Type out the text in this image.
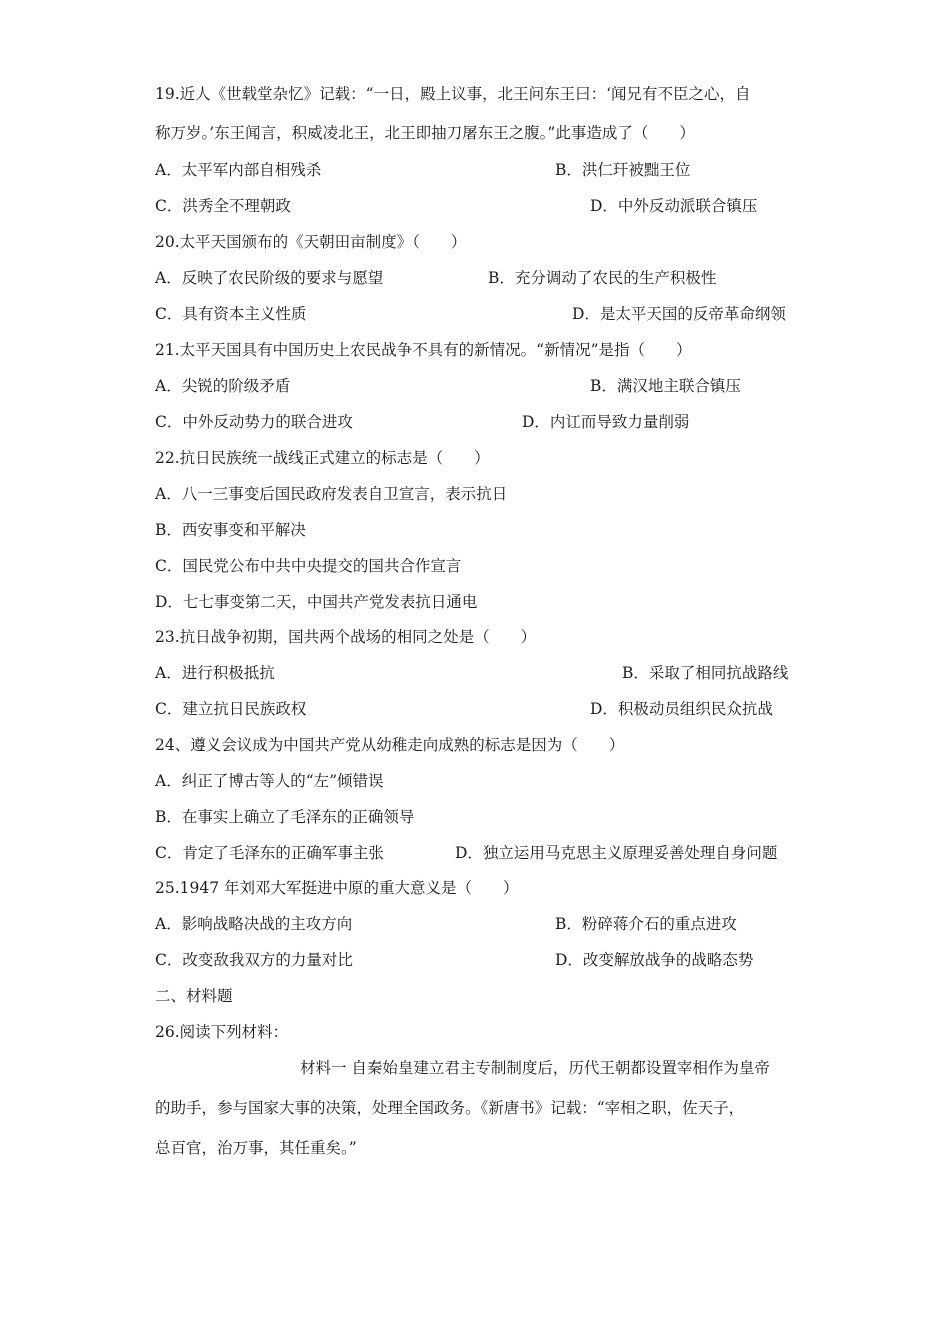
19.近人《世载堂杂忆》记载：“一日，殿上议事，北王问东王曰：‘闻兄有不臣之心，自
称万岁。’东王闻言，积威凌北王，北王即抽刀屠东王之腹。”此事造成了（　　）
A．太平军内部自相残杀	B．洪仁玕被黜王位
C．洪秀全不理朝政	D．中外反动派联合镇压
20.太平天国颁布的《天朝田亩制度》（　　）
A．反映了农民阶级的要求与愿望	B．充分调动了农民的生产积极性
C．具有资本主义性质	D．是太平天国的反帝革命纲领
21.太平天国具有中国历史上农民战争不具有的新情况。“新情况”是指（　　）
A．尖锐的阶级矛盾	B．满汉地主联合镇压
C．中外反动势力的联合进攻	D．内讧而导致力量削弱
22.抗日民族统一战线正式建立的标志是（　　）
A．八一三事变后国民政府发表自卫宣言，表示抗日
B．西安事变和平解决
C．国民党公布中共中央提交的国共合作宣言
D．七七事变第二天，中国共产党发表抗日通电
23.抗日战争初期，国共两个战场的相同之处是（　　）
A．进行积极抵抗	B．采取了相同抗战路线
C．建立抗日民族政权	D．积极动员组织民众抗战
24、遵义会议成为中国共产党从幼稚走向成熟的标志是因为（　　）
A．纠正了博古等人的“左”倾错误
B．在事实上确立了毛泽东的正确领导
C．肯定了毛泽东的正确军事主张	D．独立运用马克思主义原理妥善处理自身问题
25.1947 年刘邓大军挺进中原的重大意义是（　　）
A．影响战略决战的主攻方向	B．粉碎蒋介石的重点进攻
C．改变敌我双方的力量对比	D．改变解放战争的战略态势
二、材料题
26.阅读下列材料：
材料一 自秦始皇建立君主专制制度后，历代王朝都设置宰相作为皇帝
的助手，参与国家大事的决策，处理全国政务。《新唐书》记载：“宰相之职，佐天子，
总百官，治万事，其任重矣。”
